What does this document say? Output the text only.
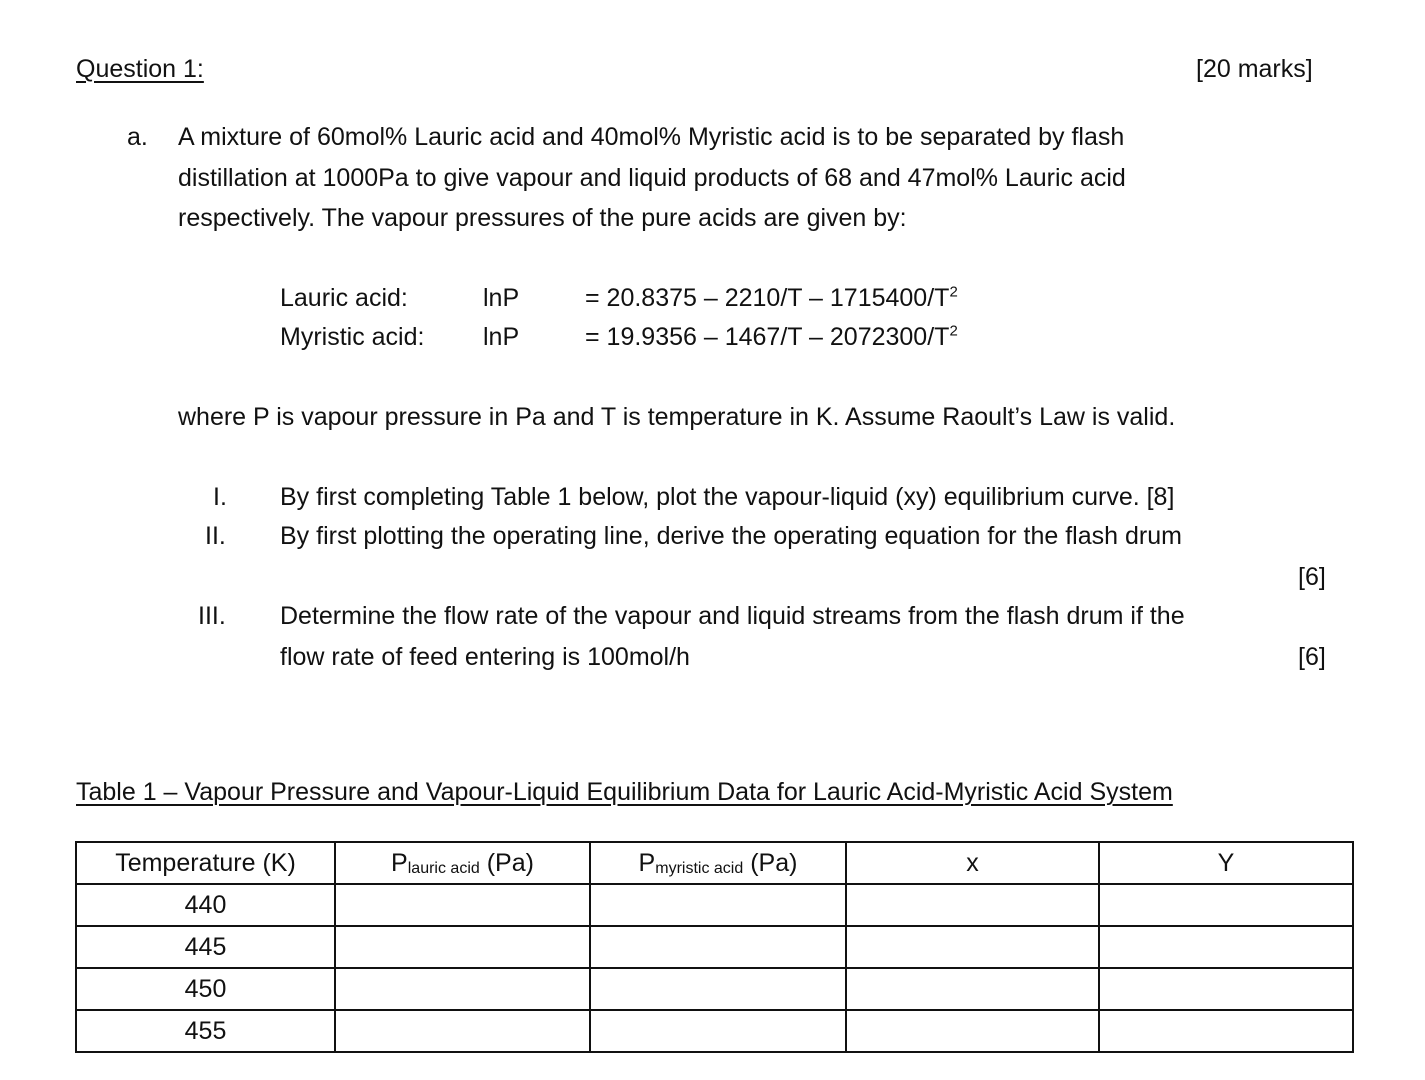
Question 1:	[20 marks]
a. A mixture of 60mol% Lauric acid and 40mol% Myristic acid is to be separated by flash
distillation at 1000Pa to give vapour and liquid products of 68 and 47mol% Lauric acid
respectively. The vapour pressures of the pure acids are given by:
Lauric acid:	lnP	= $20.8375 - 2210/T - 1715400/T^2$
Myristic acid: lnP	= $19.9356 - 1467/T - 2072300/T^2$
where P is vapour pressure in Pa and T is temperature in K. Assume Raoult’s Law is valid.
I. By first completing Table 1 below, plot the vapour-liquid (xy) equilibrium curve. [8]
II. By first plotting the operating line, derive the operating equation for the flash drum
[6]
III. Determine the flow rate of the vapour and liquid streams from the flash drum if the
flow rate of feed entering is 100mol/h	[6]
Table 1 – Vapour Pressure and Vapour-Liquid Equilibrium Data for Lauric Acid-Myristic Acid System
Temperature (K)	$P_{lauric acid}$ (Pa)	$P_{myristic acid}$ (Pa)	x	Y
440				
445				
450				
455				
